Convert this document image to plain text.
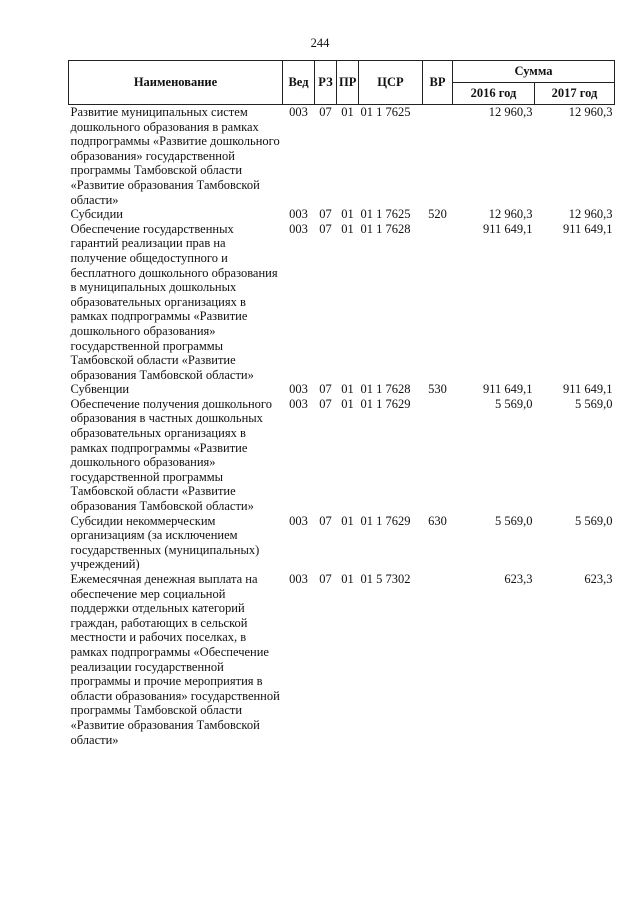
244
Наименование	Вед	РЗ	ПР	ЦСР	ВР	Сумма	
						2016 год	2017 год
Развитие муниципальных систем дошкольного образования в рамках подпрограммы «Развитие дошкольного образования» государственной программы Тамбовской области «Развитие образования Тамбовской области»	003	07	01	01 1 7625		12 960,3	12 960,3
Субсидии	003	07	01	01 1 7625	520	12 960,3	12 960,3
Обеспечение государственных гарантий реализации прав на получение общедоступного и бесплатного дошкольного образования в муниципальных дошкольных образовательных организациях в рамках подпрограммы «Развитие дошкольного образования» государственной программы Тамбовской области «Развитие образования Тамбовской области»	003	07	01	01 1 7628		911 649,1	911 649,1
Субвенции	003	07	01	01 1 7628	530	911 649,1	911 649,1
Обеспечение получения дошкольного образования в частных дошкольных образовательных организациях в рамках подпрограммы «Развитие дошкольного образования» государственной программы Тамбовской области «Развитие образования Тамбовской области»	003	07	01	01 1 7629		5 569,0	5 569,0
Субсидии некоммерческим организациям (за исключением государственных (муниципальных) учреждений)	003	07	01	01 1 7629	630	5 569,0	5 569,0
Ежемесячная денежная выплата на обеспечение мер социальной поддержки отдельных категорий граждан, работающих в сельской местности и рабочих поселках, в рамках подпрограммы «Обеспечение реализации государственной программы и прочие мероприятия в области образования» государственной программы Тамбовской области «Развитие образования Тамбовской области»	003	07	01	01 5 7302		623,3	623,3
